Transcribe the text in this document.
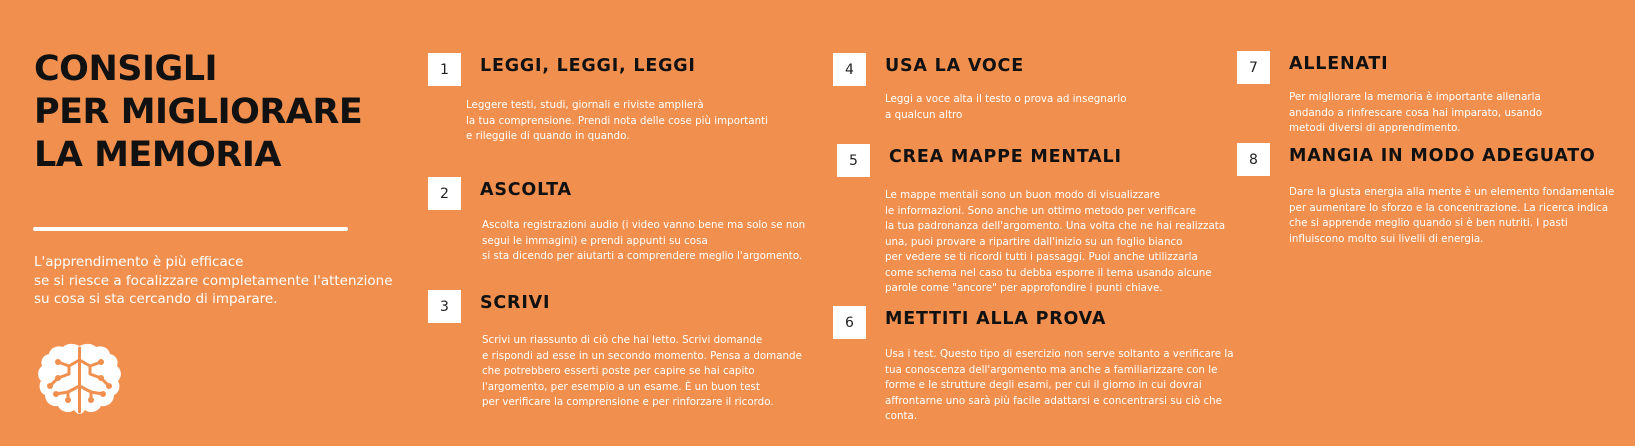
CONSIGLI
PER MIGLIORARE
LA MEMORIA

L'apprendimento è più efficace
se si riesce a focalizzare completamente l'attenzione
su cosa si sta cercando di imparare.

1	LEGGI, LEGGI, LEGGI

Leggere testi, studi, giornali e riviste amplierà
la tua comprensione. Prendi nota delle cose più importanti
e rileggile di quando in quando.

2	ASCOLTA

Ascolta registrazioni audio (i video vanno bene ma solo se non
segui le immagini) e prendi appunti su cosa
si sta dicendo per aiutarti a comprendere meglio l'argomento.

3	SCRIVI

Scrivi un riassunto di ciò che hai letto. Scrivi domande
e rispondi ad esse in un secondo momento. Pensa a domande
che potrebbero esserti poste per capire se hai capito
l'argomento, per esempio a un esame. È un buon test
per verificare la comprensione e per rinforzare il ricordo.

4	USA LA VOCE

Leggi a voce alta il testo o prova ad insegnarlo
a qualcun altro

5	CREA MAPPE MENTALI

Le mappe mentali sono un buon modo di visualizzare
le informazioni. Sono anche un ottimo metodo per verificare
la tua padronanza dell'argomento. Una volta che ne hai realizzata
una, puoi provare a ripartire dall'inizio su un foglio bianco
per vedere se ti ricordi tutti i passaggi. Puoi anche utilizzarla
come schema nel caso tu debba esporre il tema usando alcune
parole come "ancore" per approfondire i punti chiave.

6	METTITI ALLA PROVA

Usa i test. Questo tipo di esercizio non serve soltanto a verificare la
tua conoscenza dell'argomento ma anche a familiarizzare con le
forme e le strutture degli esami, per cui il giorno in cui dovrai
affrontarne uno sarà più facile adattarsi e concentrarsi su ciò che
conta.

7	ALLENATI

Per migliorare la memoria è importante allenarla
andando a rinfrescare cosa hai imparato, usando
metodi diversi di apprendimento.

8	MANGIA IN MODO ADEGUATO

Dare la giusta energia alla mente è un elemento fondamentale
per aumentare lo sforzo e la concentrazione. La ricerca indica
che si apprende meglio quando si è ben nutriti. I pasti
influiscono molto sui livelli di energia.
